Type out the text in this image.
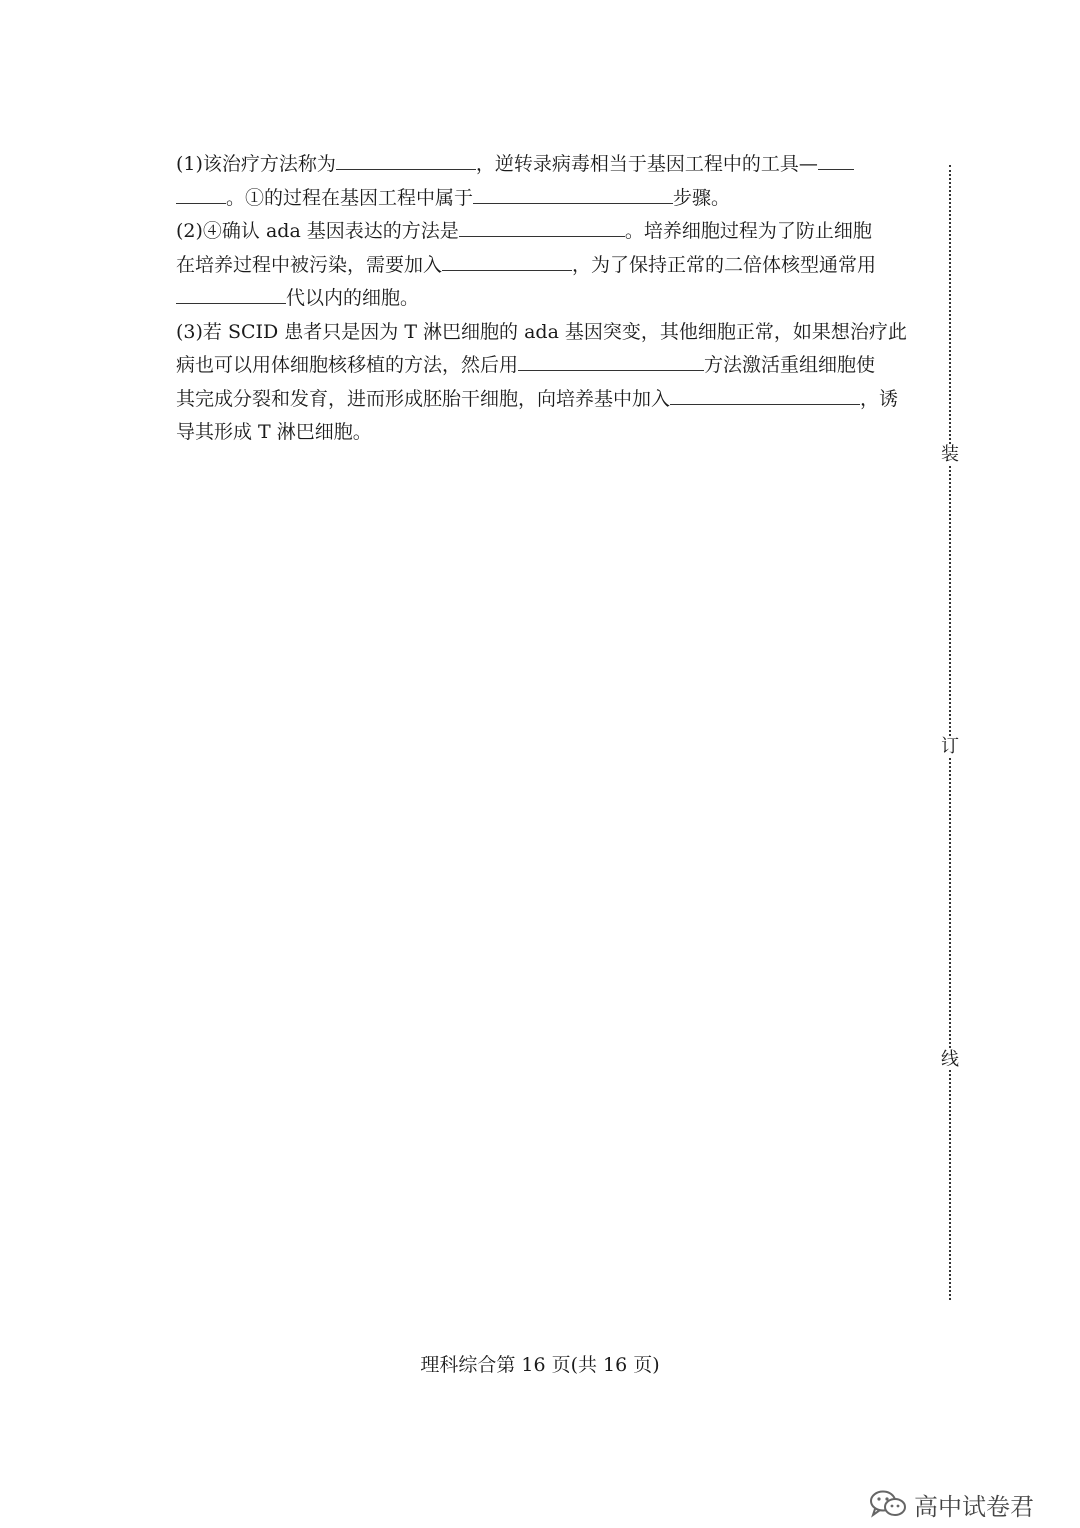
(1)该治疗方法称为	，逆转录病毒相当于基因工程中的工具—
。①的过程在基因工程中属于	步骤。
(2)④确认 ada 基因表达的方法是	。培养细胞过程为了防止细胞
在培养过程中被污染，需要加入	，为了保持正常的二倍体核型通常用
代以内的细胞。
(3)若 SCID 患者只是因为 T 淋巴细胞的 ada 基因突变，其他细胞正常，如果想治疗此
病也可以用体细胞核移植的方法，然后用	方法激活重组细胞使
其完成分裂和发育，进而形成胚胎干细胞，向培养基中加入	，诱
导其形成 T 淋巴细胞。
装
订
线
理科综合第 16 页(共 16 页)
高中试卷君
